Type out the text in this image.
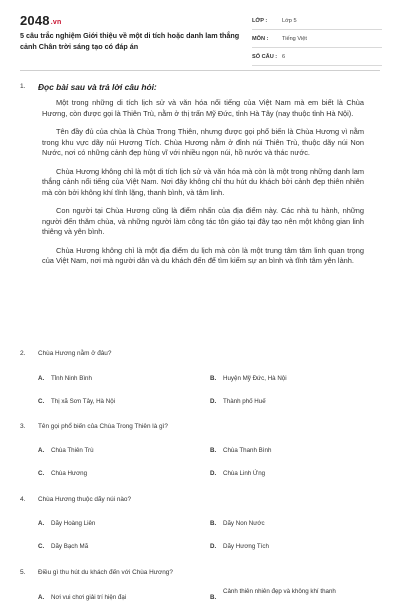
2048.vn
5 câu trắc nghiệm Giới thiệu về một di tích hoặc danh lam thắng cảnh Chân trời sáng tạo có đáp án
LỚP :	Lớp 5
MÔN :	Tiếng Việt
SỐ CÂU : 6
1. Đọc bài sau và trả lời câu hỏi:

Một trong những di tích lịch sử và văn hóa nổi tiếng của Việt Nam mà em biết là Chùa Hương, còn được gọi là Thiên Trù, nằm ở thị trấn Mỹ Đức, tỉnh Hà Tây (nay thuộc tỉnh Hà Nội).

Tên đầy đủ của chùa là Chùa Trong Thiên, nhưng được gọi phổ biến là Chùa Hương vì nằm trong khu vực dãy núi Hương Tích. Chùa Hương nằm ở đỉnh núi Thiên Trù, thuộc dãy núi Non Nước, nơi có những cảnh đẹp hùng vĩ với nhiều ngọn núi, hồ nước và thác nước.

Chùa Hương không chỉ là một di tích lịch sử và văn hóa mà còn là một trong những danh lam thắng cảnh nổi tiếng của Việt Nam. Nơi đây không chỉ thu hút du khách bởi cảnh đẹp thiên nhiên mà còn bởi không khí tĩnh lặng, thanh bình, và tâm linh.

Con người tại Chùa Hương cũng là điểm nhấn của địa điểm này. Các nhà tu hành, những người đến thăm chùa, và những người làm công tác tôn giáo tại đây tạo nên một không gian linh thiêng và yên bình.

Chùa Hương không chỉ là một địa điểm du lịch mà còn là một trung tâm tâm linh quan trọng của Việt Nam, nơi mà người dân và du khách đến để tìm kiếm sự an bình và tĩnh tâm yên lành.

2. Chùa Hương nằm ở đâu?
A.	Tỉnh Ninh Bình	B.	Huyện Mỹ Đức, Hà Nội
C.	Thị xã Sơn Tây, Hà Nội	D.	Thành phố Huế
3. Tên gọi phổ biến của Chùa Trong Thiên là gì?
A.	Chùa Thiên Trù	B.	Chùa Thanh Bình
C.	Chùa Hương	D.	Chùa Linh Ứng
4. Chùa Hương thuộc dãy núi nào?
A.	Dãy Hoàng Liên	B.	Dãy Non Nước
C.	Dãy Bạch Mã	D.	Dãy Hương Tích
5. Điều gì thu hút du khách đến với Chùa Hương?
A.	Nơi vui chơi giải trí hiện đại	B.
Cảnh thiên nhiên đẹp và không khí thanh
